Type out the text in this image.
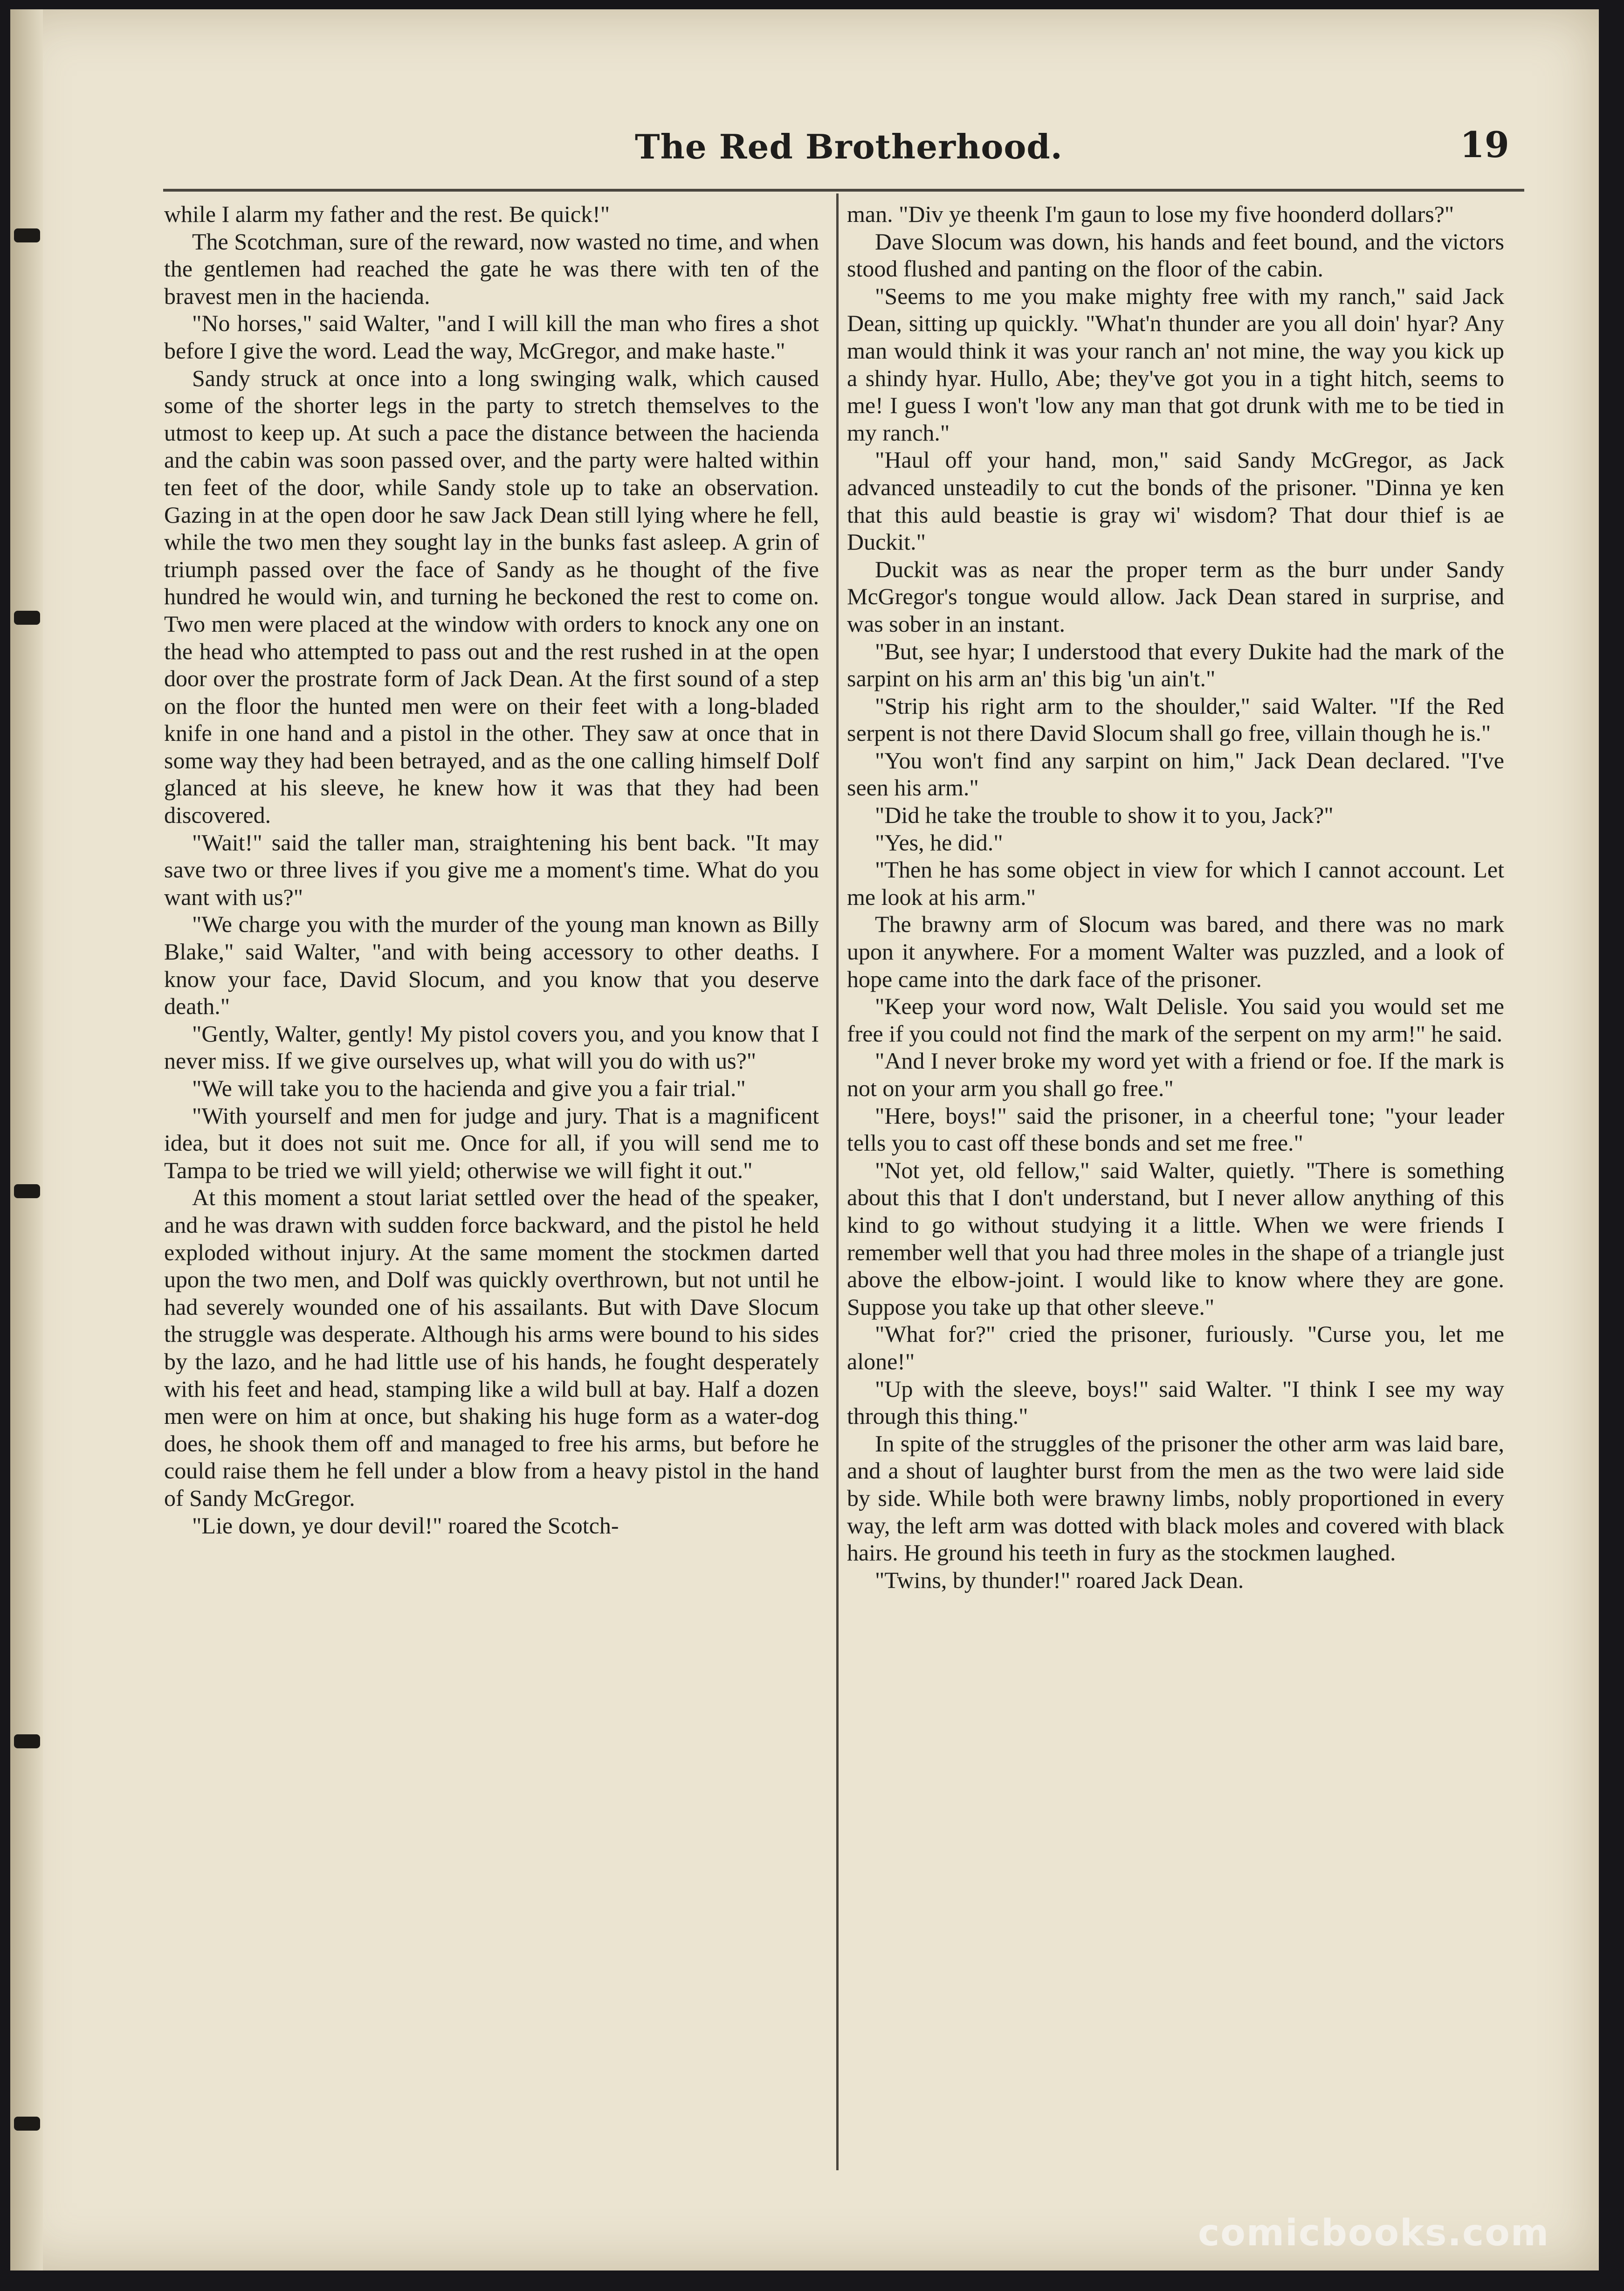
The Red Brotherhood.	19

while I alarm my father and the rest. Be quick!"

The Scotchman, sure of the reward, now wasted no time, and when the gentlemen had reached the gate he was there with ten of the bravest men in the hacienda.

"No horses," said Walter, "and I will kill the man who fires a shot before I give the word. Lead the way, McGregor, and make haste."

Sandy struck at once into a long swinging walk, which caused some of the shorter legs in the party to stretch themselves to the utmost to keep up. At such a pace the distance between the hacienda and the cabin was soon passed over, and the party were halted within ten feet of the door, while Sandy stole up to take an observation. Gazing in at the open door he saw Jack Dean still lying where he fell, while the two men they sought lay in the bunks fast asleep. A grin of triumph passed over the face of Sandy as he thought of the five hundred he would win, and turning he beckoned the rest to come on. Two men were placed at the window with orders to knock any one on the head who attempted to pass out and the rest rushed in at the open door over the prostrate form of Jack Dean. At the first sound of a step on the floor the hunted men were on their feet with a long-bladed knife in one hand and a pistol in the other. They saw at once that in some way they had been betrayed, and as the one calling himself Dolf glanced at his sleeve, he knew how it was that they had been discovered.

"Wait!" said the taller man, straightening his bent back. "It may save two or three lives if you give me a moment's time. What do you want with us?"

"We charge you with the murder of the young man known as Billy Blake," said Walter, "and with being accessory to other deaths. I know your face, David Slocum, and you know that you deserve death."

"Gently, Walter, gently! My pistol covers you, and you know that I never miss. If we give ourselves up, what will you do with us?"

"We will take you to the hacienda and give you a fair trial."

"With yourself and men for judge and jury. That is a magnificent idea, but it does not suit me. Once for all, if you will send me to Tampa to be tried we will yield; otherwise we will fight it out."

At this moment a stout lariat settled over the head of the speaker, and he was drawn with sudden force backward, and the pistol he held exploded without injury. At the same moment the stockmen darted upon the two men, and Dolf was quickly overthrown, but not until he had severely wounded one of his assailants. But with Dave Slocum the struggle was desperate. Although his arms were bound to his sides by the lazo, and he had little use of his hands, he fought desperately with his feet and head, stamping like a wild bull at bay. Half a dozen men were on him at once, but shaking his huge form as a water-dog does, he shook them off and managed to free his arms, but before he could raise them he fell under a blow from a heavy pistol in the hand of Sandy McGregor.

"Lie down, ye dour devil!" roared the Scotch-

man. "Div ye theenk I'm gaun to lose my five hoonderd dollars?"

Dave Slocum was down, his hands and feet bound, and the victors stood flushed and panting on the floor of the cabin.

"Seems to me you make mighty free with my ranch," said Jack Dean, sitting up quickly. "What'n thunder are you all doin' hyar? Any man would think it was your ranch an' not mine, the way you kick up a shindy hyar. Hullo, Abe; they've got you in a tight hitch, seems to me! I guess I won't 'low any man that got drunk with me to be tied in my ranch."

"Haul off your hand, mon," said Sandy McGregor, as Jack advanced unsteadily to cut the bonds of the prisoner. "Dinna ye ken that this auld beastie is gray wi' wisdom? That dour thief is ae Duckit."

Duckit was as near the proper term as the burr under Sandy McGregor's tongue would allow. Jack Dean stared in surprise, and was sober in an instant.

"But, see hyar; I understood that every Dukite had the mark of the sarpint on his arm an' this big 'un ain't."

"Strip his right arm to the shoulder," said Walter. "If the Red serpent is not there David Slocum shall go free, villain though he is."

"You won't find any sarpint on him," Jack Dean declared. "I've seen his arm."

"Did he take the trouble to show it to you, Jack?"

"Yes, he did."

"Then he has some object in view for which I cannot account. Let me look at his arm."

The brawny arm of Slocum was bared, and there was no mark upon it anywhere. For a moment Walter was puzzled, and a look of hope came into the dark face of the prisoner.

"Keep your word now, Walt Delisle. You said you would set me free if you could not find the mark of the serpent on my arm!" he said.

"And I never broke my word yet with a friend or foe. If the mark is not on your arm you shall go free."

"Here, boys!" said the prisoner, in a cheerful tone; "your leader tells you to cast off these bonds and set me free."

"Not yet, old fellow," said Walter, quietly. "There is something about this that I don't understand, but I never allow anything of this kind to go without studying it a little. When we were friends I remember well that you had three moles in the shape of a triangle just above the elbow-joint. I would like to know where they are gone. Suppose you take up that other sleeve."

"What for?" cried the prisoner, furiously. "Curse you, let me alone!"

"Up with the sleeve, boys!" said Walter. "I think I see my way through this thing."

In spite of the struggles of the prisoner the other arm was laid bare, and a shout of laughter burst from the men as the two were laid side by side. While both were brawny limbs, nobly proportioned in every way, the left arm was dotted with black moles and covered with black hairs. He ground his teeth in fury as the stockmen laughed.

"Twins, by thunder!" roared Jack Dean.

comicbooks.com
